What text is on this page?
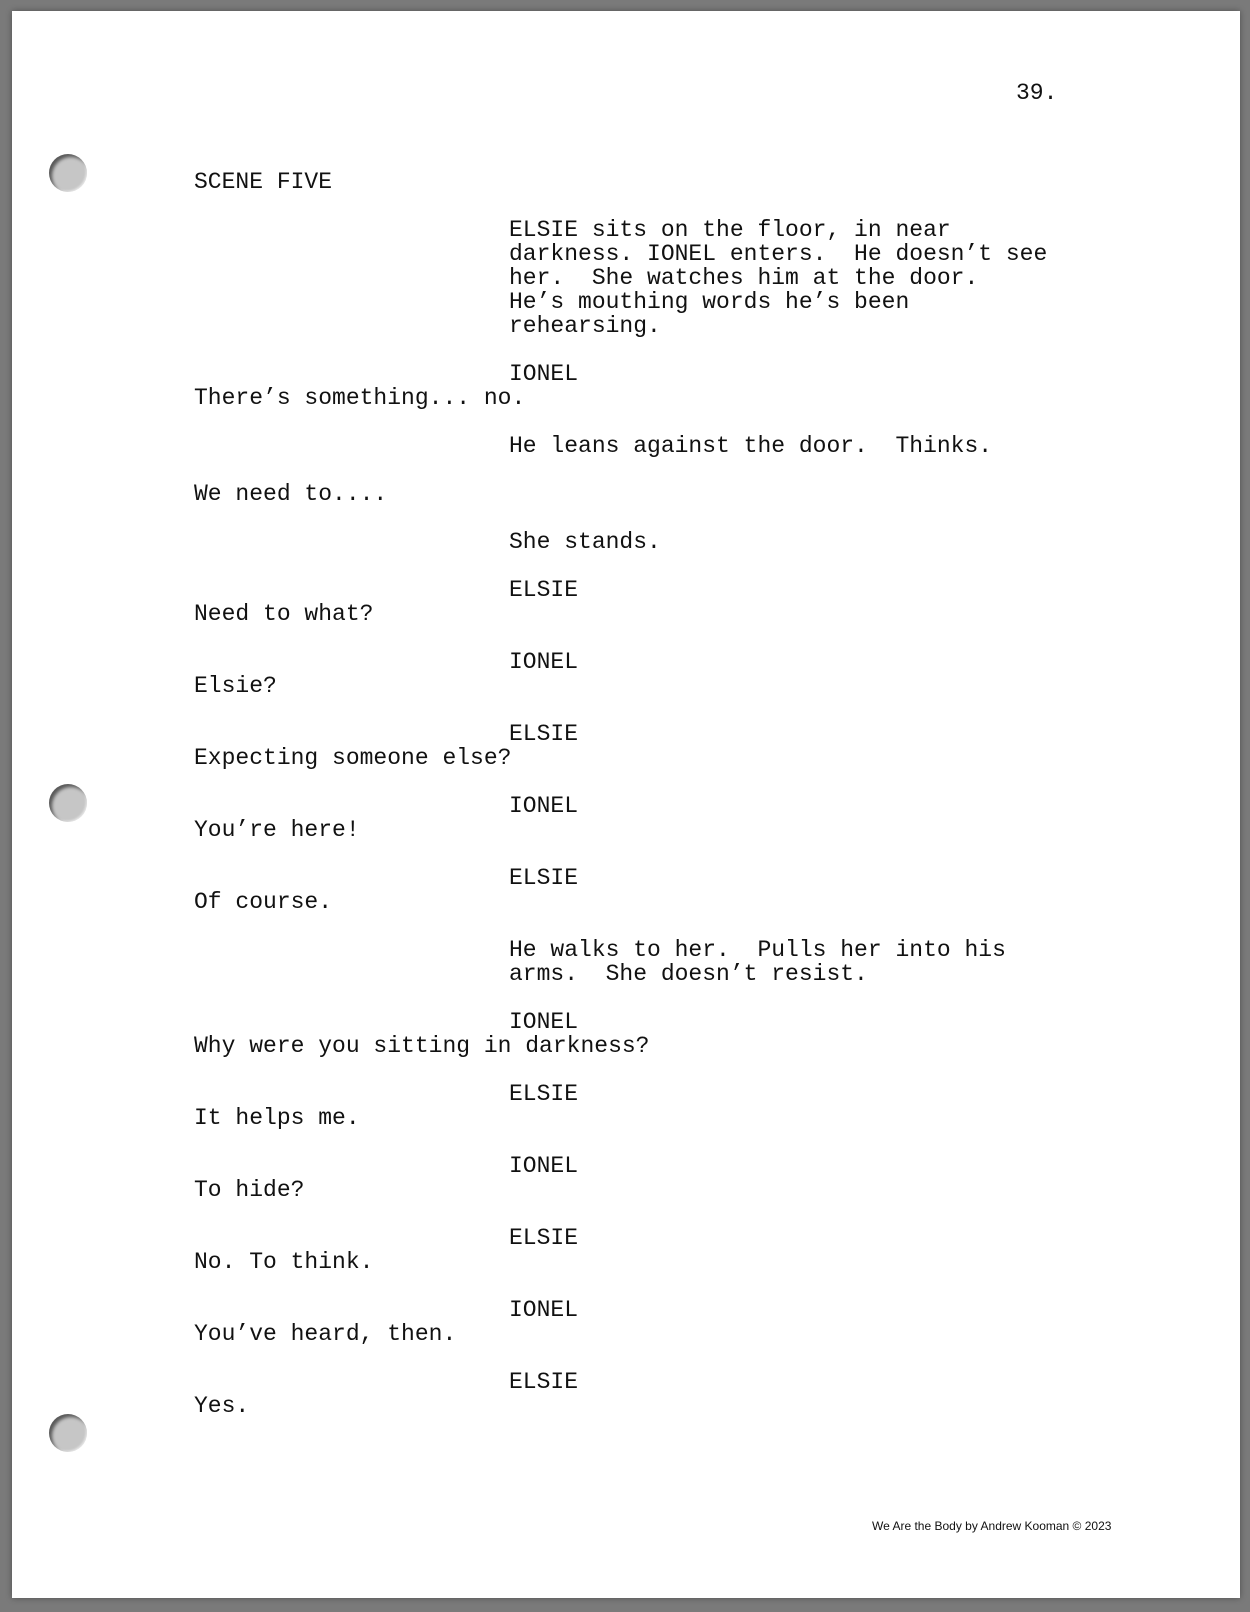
39.
SCENE FIVE
ELSIE sits on the floor, in near
darkness. IONEL enters.  He doesn’t see
her.  She watches him at the door.
He’s mouthing words he’s been
rehearsing.
IONEL
There’s something... no.
He leans against the door.  Thinks.
We need to....
She stands.
ELSIE
Need to what?
IONEL
Elsie?
ELSIE
Expecting someone else?
IONEL
You’re here!
ELSIE
Of course.
He walks to her.  Pulls her into his
arms.  She doesn’t resist.
IONEL
Why were you sitting in darkness?
ELSIE
It helps me.
IONEL
To hide?
ELSIE
No. To think.
IONEL
You’ve heard, then.
ELSIE
Yes.
We Are the Body by Andrew Kooman © 2023
